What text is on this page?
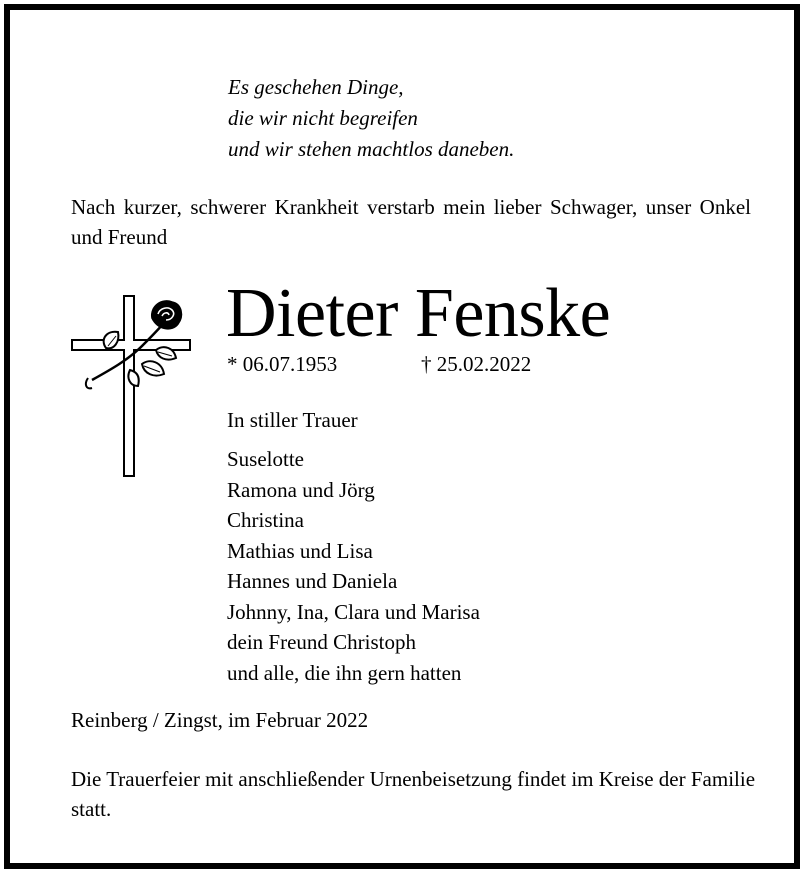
Es geschehen Dinge,
die wir nicht begreifen
und wir stehen machtlos daneben.
Nach kurzer, schwerer Krankheit verstarb mein lieber Schwager, unser Onkel und Freund
Dieter Fenske
* 06.07.1953	† 25.02.2022
In stiller Trauer
Suselotte
Ramona und Jörg
Christina
Mathias und Lisa
Hannes und Daniela
Johnny, Ina, Clara und Marisa
dein Freund Christoph
und alle, die ihn gern hatten
Reinberg / Zingst, im Februar 2022
Die Trauerfeier mit anschließender Urnenbeisetzung findet im Kreise der Familie statt.
